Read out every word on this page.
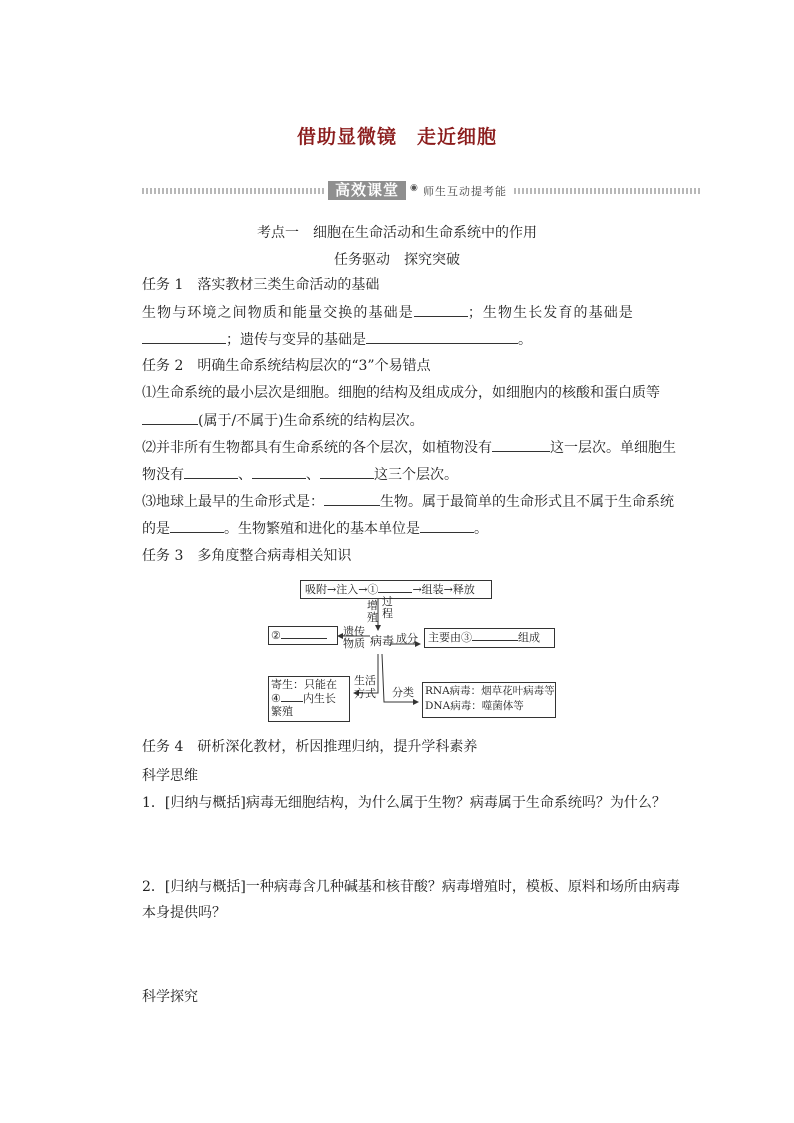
借助显微镜　走近细胞
高效课堂	◉ 师生互动提考能
考点一　细胞在生命活动和生命系统中的作用
任务驱动　探究突破
任务 1　落实教材三类生命活动的基础
生物与环境之间物质和能量交换的基础是	；生物生长发育的基础是
；遗传与变异的基础是	。
任务 2　明确生命系统结构层次的“3”个易错点
⑴生命系统的最小层次是细胞。细胞的结构及组成成分，如细胞内的核酸和蛋白质等
(属于/不属于)生命系统的结构层次。
⑵并非所有生物都具有生命系统的各个层次，如植物没有	这一层次。单细胞生
物没有	、	、	这三个层次。
⑶地球上最早的生命形式是：	生物。属于最简单的生命形式且不属于生命系统
的是	。生物繁殖和进化的基本单位是	。
任务 3　多角度整合病毒相关知识
吸附→注入→①	→组装→释放
增
殖
过
程
病毒
②	遗传
物质	成分 主要由③	组成
生活
方式 分类
寄生：只能在
④ 内生长
繁殖
RNA病毒：烟草花叶病毒等
DNA病毒：噬菌体等
任务 4　研析深化教材，析因推理归纳，提升学科素养
科学思维
1．[归纳与概括]病毒无细胞结构，为什么属于生物？病毒属于生命系统吗？为什么？
2．[归纳与概括]一种病毒含几种碱基和核苷酸？病毒增殖时，模板、原料和场所由病毒
本身提供吗？
科学探究
